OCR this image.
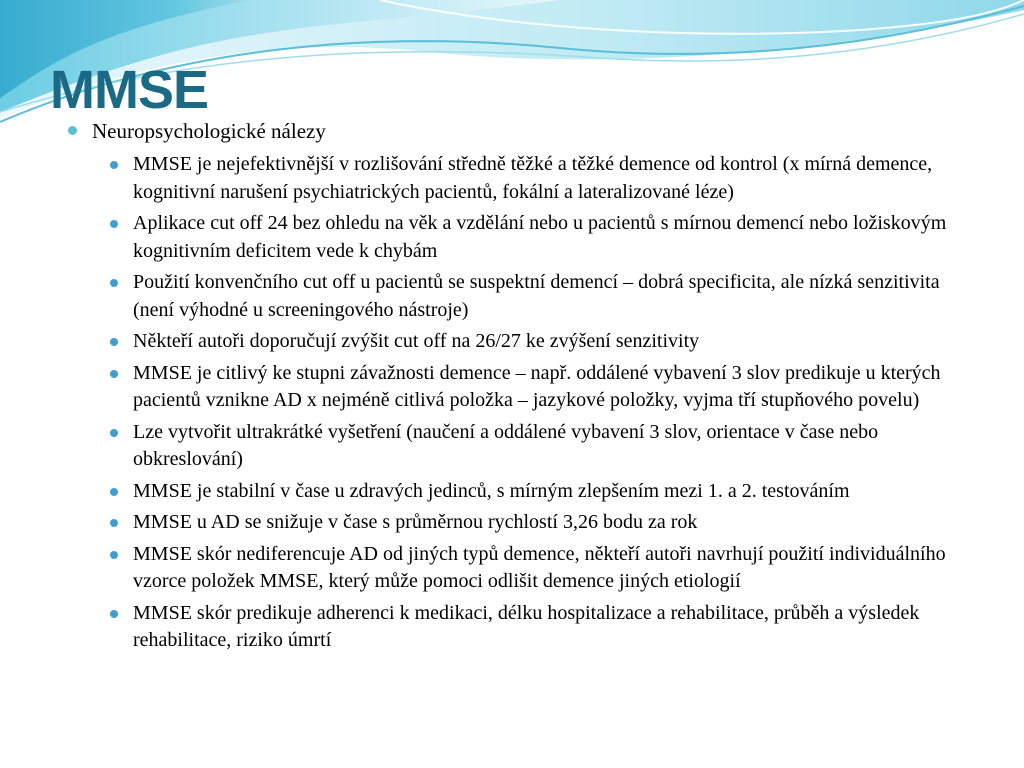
MMSE
Neuropsychologické nálezy
MMSE je nejefektivnější v rozlišování středně těžké a těžké demence od kontrol (x mírná demence, kognitivní narušení psychiatrických pacientů, fokální a lateralizované léze)
Aplikace cut off 24 bez ohledu na věk a vzdělání nebo u pacientů s mírnou demencí nebo ložiskovým kognitivním deficitem vede k chybám
Použití konvenčního cut off u pacientů se suspektní demencí – dobrá specificita, ale nízká senzitivita (není výhodné u screeningového nástroje)
Někteří autoři doporučují zvýšit cut off na 26/27 ke zvýšení senzitivity
MMSE je citlivý ke stupni závažnosti demence – např. oddálené vybavení 3 slov predikuje u kterých pacientů vznikne AD x nejméně citlivá položka – jazykové položky, vyjma tří stupňového povelu)
Lze vytvořit ultrakrátké vyšetření (naučení a oddálené vybavení 3 slov, orientace v čase nebo obkreslování)
MMSE je stabilní v čase u zdravých jedinců, s mírným zlepšením mezi 1. a 2. testováním
MMSE u AD se snižuje v čase s průměrnou rychlostí 3,26 bodu za rok
MMSE skór nediferencuje AD od jiných typů demence, někteří autoři navrhují použití individuálního vzorce položek MMSE, který může pomoci odlišit demence jiných etiologií
MMSE skór predikuje adherenci k medikaci, délku hospitalizace a rehabilitace, průběh a výsledek rehabilitace, riziko úmrtí
